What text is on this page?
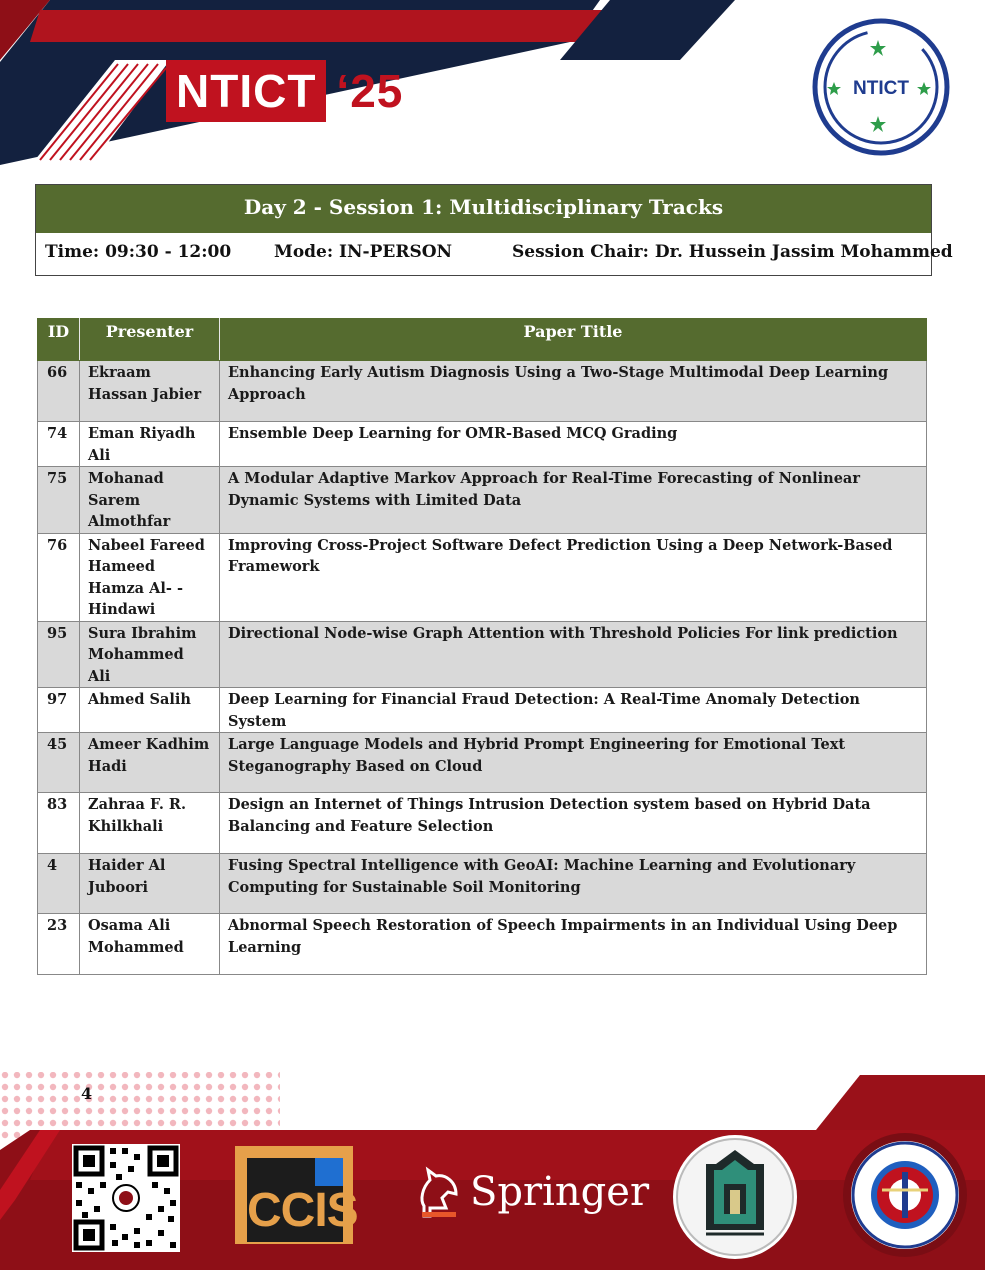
NTICT ‘25	NTICT
Day 2 - Session 1: Multidisciplinary Tracks
Time: 09:30 - 12:00	Mode: IN-PERSON	Session Chair: Dr. Hussein Jassim Mohammed
ID	Presenter	Paper Title
66	Ekraam Hassan Jabier	Enhancing Early Autism Diagnosis Using a Two-Stage Multimodal Deep Learning Approach
74	Eman Riyadh Ali	Ensemble Deep Learning for OMR-Based MCQ Grading
75	Mohanad Sarem Almothfar	A Modular Adaptive Markov Approach for Real-Time Forecasting of Nonlinear Dynamic Systems with Limited Data
76	Nabeel Fareed Hameed Hamza Al- -Hindawi	Improving Cross-Project Software Defect Prediction Using a Deep Network-Based Framework
95	Sura Ibrahim Mohammed Ali	Directional Node-wise Graph Attention with Threshold Policies For link prediction
97	Ahmed Salih	Deep Learning for Financial Fraud Detection: A Real-Time Anomaly Detection System
45	Ameer Kadhim Hadi	Large Language Models and Hybrid Prompt Engineering for Emotional Text Steganography Based on Cloud
83	Zahraa F. R. Khilkhali	Design an Internet of Things Intrusion Detection system based on Hybrid Data Balancing and Feature Selection
4	Haider Al Juboori	Fusing Spectral Intelligence with GeoAI: Machine Learning and Evolutionary Computing for Sustainable Soil Monitoring
23	Osama Ali Mohammed	Abnormal Speech Restoration of Speech Impairments in an Individual Using Deep Learning
4
CCIS	Springer
